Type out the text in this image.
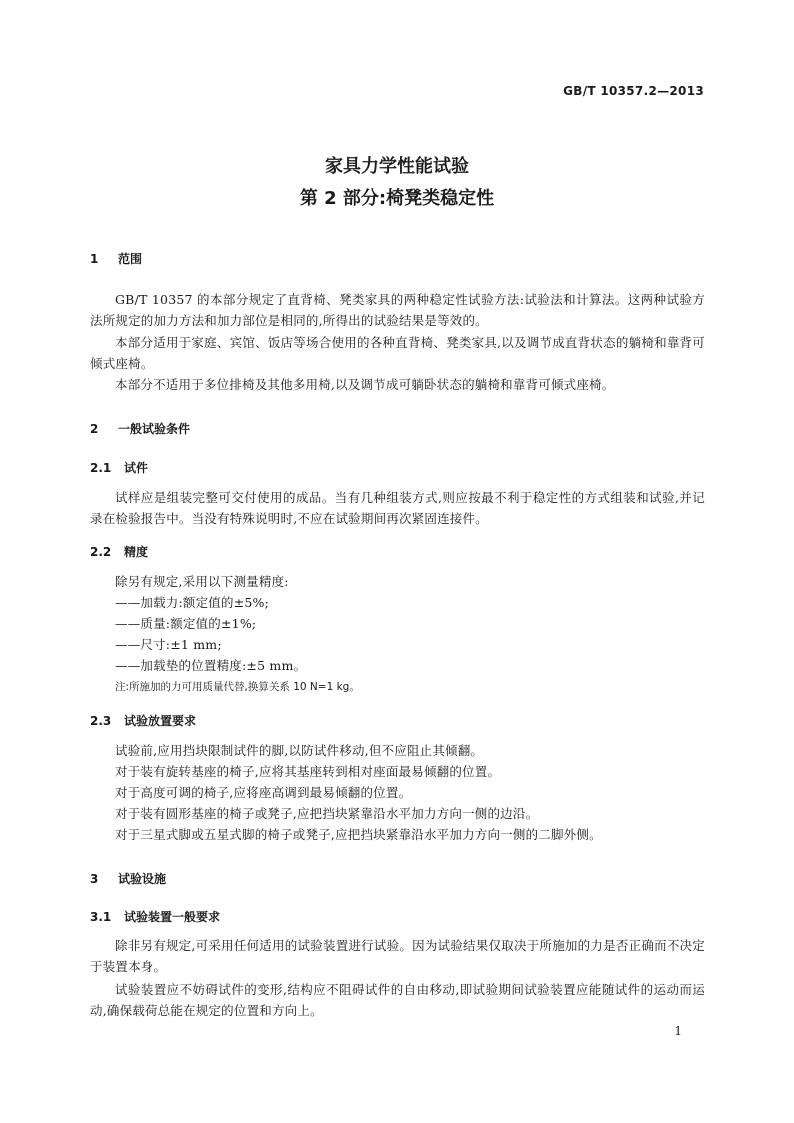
GB/T 10357.2—2013
家具力学性能试验
第 2 部分:椅凳类稳定性
1 范围
GB/T 10357 的本部分规定了直背椅、凳类家具的两种稳定性试验方法:试验法和计算法。这两种试验方法所规定的加力方法和加力部位是相同的,所得出的试验结果是等效的。
本部分适用于家庭、宾馆、饭店等场合使用的各种直背椅、凳类家具,以及调节成直背状态的躺椅和靠背可倾式座椅。
本部分不适用于多位排椅及其他多用椅,以及调节成可躺卧状态的躺椅和靠背可倾式座椅。
2 一般试验条件
2.1 试件
试样应是组装完整可交付使用的成品。当有几种组装方式,则应按最不利于稳定性的方式组装和试验,并记录在检验报告中。当没有特殊说明时,不应在试验期间再次紧固连接件。
2.2 精度
除另有规定,采用以下测量精度:
——加载力:额定值的±5%;
——质量:额定值的±1%;
——尺寸:±1 mm;
——加载垫的位置精度:±5 mm。
注:所施加的力可用质量代替,换算关系 10 N=1 kg。
2.3 试验放置要求
试验前,应用挡块限制试件的脚,以防试件移动,但不应阻止其倾翻。
对于装有旋转基座的椅子,应将其基座转到相对座面最易倾翻的位置。
对于高度可调的椅子,应将座高调到最易倾翻的位置。
对于装有圆形基座的椅子或凳子,应把挡块紧靠沿水平加力方向一侧的边沿。
对于三星式脚或五星式脚的椅子或凳子,应把挡块紧靠沿水平加力方向一侧的二脚外侧。
3 试验设施
3.1 试验装置一般要求
除非另有规定,可采用任何适用的试验装置进行试验。因为试验结果仅取决于所施加的力是否正确而不决定于装置本身。
试验装置应不妨碍试件的变形,结构应不阻碍试件的自由移动,即试验期间试验装置应能随试件的运动而运动,确保载荷总能在规定的位置和方向上。
1
